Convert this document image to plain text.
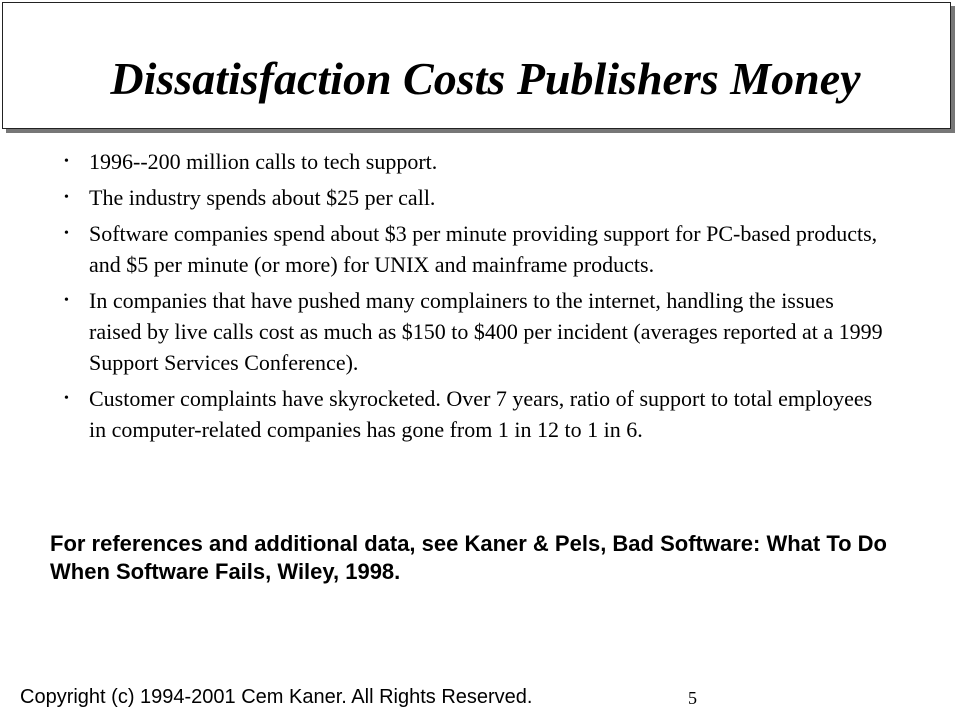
Dissatisfaction Costs Publishers Money
• 1996--200 million calls to tech support.
• The industry spends about $25 per call.
• Software companies spend about $3 per minute providing support for PC-based products, and $5 per minute (or more) for UNIX and mainframe products.
• In companies that have pushed many complainers to the internet, handling the issues raised by live calls cost as much as $150 to $400 per incident (averages reported at a 1999 Support Services Conference).
• Customer complaints have skyrocketed. Over 7 years, ratio of support to total employees in computer-related companies has gone from 1 in 12 to 1 in 6.

For references and additional data, see Kaner & Pels, Bad Software: What To Do When Software Fails, Wiley, 1998.

Copyright (c) 1994-2001 Cem Kaner. All Rights Reserved.	5
